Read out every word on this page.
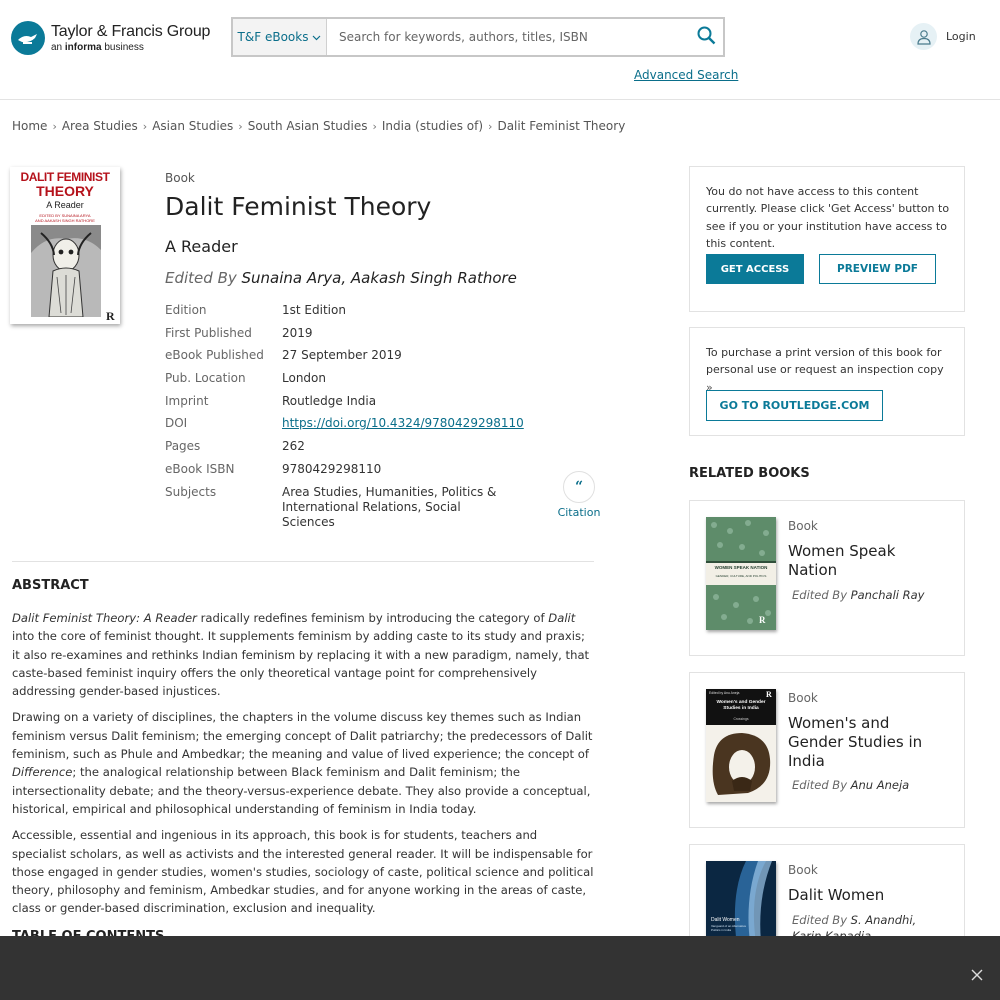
Taylor & Francis Group
an informa business
T&F eBooks
Search for keywords, authors, titles, ISBN
Advanced Search
Login
Home › Area Studies › Asian Studies › South Asian Studies › India (studies of) › Dalit Feminist Theory
DALIT FEMINIST
THEORY
A Reader
EDITED BY SUNAINA ARYA
AND AAKASH SINGH RATHORE
R
Book
Dalit Feminist Theory
A Reader
Edited By Sunaina Arya, Aakash Singh Rathore
Edition	1st Edition
First Published	2019
eBook Published	27 September 2019
Pub. Location	London
Imprint	Routledge India
DOI	https://doi.org/10.4324/9780429298110
Pages	262
eBook ISBN	9780429298110
Subjects	Area Studies, Humanities, Politics & International Relations, Social Sciences
“
Citation
ABSTRACT

Dalit Feminist Theory: A Reader radically redefines feminism by introducing the category of Dalit into the core of feminist thought. It supplements feminism by adding caste to its study and praxis; it also re-examines and rethinks Indian feminism by replacing it with a new paradigm, namely, that caste-based feminist inquiry offers the only theoretical vantage point for comprehensively addressing gender-based injustices.

Drawing on a variety of disciplines, the chapters in the volume discuss key themes such as Indian feminism versus Dalit feminism; the emerging concept of Dalit patriarchy; the predecessors of Dalit feminism, such as Phule and Ambedkar; the meaning and value of lived experience; the concept of Difference; the analogical relationship between Black feminism and Dalit feminism; the intersectionality debate; and the theory-versus-experience debate. They also provide a conceptual, historical, empirical and philosophical understanding of feminism in India today.

Accessible, essential and ingenious in its approach, this book is for students, teachers and specialist scholars, as well as activists and the interested general reader. It will be indispensable for those engaged in gender studies, women's studies, sociology of caste, political science and political theory, philosophy and feminism, Ambedkar studies, and for anyone working in the areas of caste, class or gender-based discrimination, exclusion and inequality.

You do not have access to this content currently. Please click 'Get Access' button to see if you or your institution have access to this content.
GET ACCESS	PREVIEW PDF
To purchase a print version of this book for personal use or request an inspection copy »
GO TO ROUTLEDGE.COM
RELATED BOOKS
WOMEN SPEAK NATION
GENDER, CULTURE, AND POLITICS
R
Book
Women Speak Nation
Edited By Panchali Ray
Edited by Anu Aneja	R
Women's and Gender Studies in India
Crossings
Book
Women's and Gender Studies in India
Edited By Anu Aneja
Dalit Women
Vanguard of an Alternative Politics in India
Book
Dalit Women
Edited By S. Anandhi,
